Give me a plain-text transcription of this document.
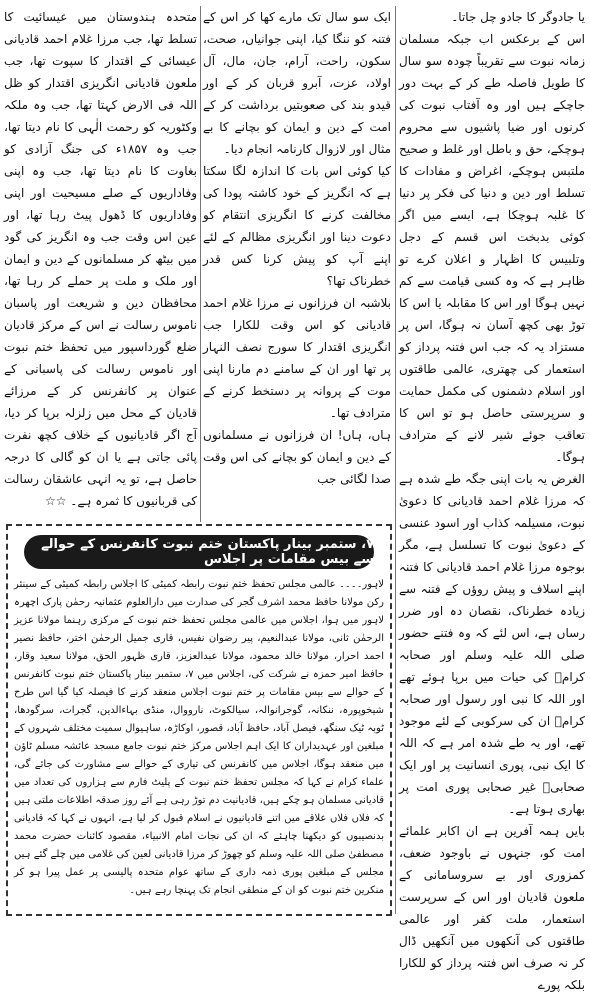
یا جادوگر کا جادو چل جاتا۔
اس کے برعکس اب جبکہ مسلمان زمانہ نبوت سے تقریباً چودہ سو سال کا طویل فاصلہ طے کر کے بہت دور جاچکے ہیں اور وہ آفتاب نبوت کی کرنوں اور ضیا پاشیوں سے محروم ہوچکے، حق و باطل اور غلط و صحیح ملتبس ہوچکے، اغراض و مفادات کا تسلط اور دین و دنیا کی فکر پر دنیا کا غلبہ ہوچکا ہے، ایسے میں اگر کوئی بدبخت اس قسم کے دجل وتلبیس کا اظہار و اعلان کرے تو ظاہر ہے کہ وہ کسی قیامت سے کم نہیں ہوگا اور اس کا مقابلہ یا اس کا توڑ بھی کچھ آسان نہ ہوگا، اس پر مستزاد یہ کہ جب اس فتنہ پرداز کو استعمار کی چھتری، عالمی طاقتوں اور اسلام دشمنوں کی مکمل حمایت و سرپرستی حاصل ہو تو اس کا تعاقب جوئے شیر لانے کے مترادف ہوگا۔
الغرض یہ بات اپنی جگہ طے شدہ ہے کہ مرزا غلام احمد قادیانی کا دعویٰ نبوت، مسیلمہ کذاب اور اسود عنسی کے دعویٰ نبوت کا تسلسل ہے، مگر بوجوہ مرزا غلام احمد قادیانی کا فتنہ اپنے اسلاف و پیش روؤں کے فتنہ سے زیادہ خطرناک، نقصان دہ اور ضرر رساں ہے، اس لئے کہ وہ فتنے حضور صلی اللہ علیہ وسلم اور صحابہ کرامؓ کی حیات میں برپا ہوئے تھے اور اللہ کا نبی اور رسول اور صحابہ کرامؓ ان کی سرکوبی کے لئے موجود تھے، اور یہ طے شدہ امر ہے کہ اللہ کا ایک نبی، پوری انسانیت پر اور ایک صحابیؓ غیر صحابی پوری امت پر بھاری ہوتا ہے۔
بایں ہمہ آفرین ہے ان اکابر علمائے امت کو، جنہوں نے باوجود ضعف، کمزوری اور بے سروسامانی کے ملعون قادیان اور اس کے سرپرست استعمار، ملت کفر اور عالمی طاقتوں کی آنکھوں میں آنکھیں ڈال کر نہ صرف اس فتنہ پرداز کو للکارا بلکہ پورے

ایک سو سال تک مارے کھا کر اس کے فتنہ کو ننگا کیا، اپنی جوانیاں، صحت، سکون، راحت، آرام، جان، مال، آل اولاد، عزت، آبرو قربان کر کے اور قیدو بند کی صعوبتیں برداشت کر کے امت کے دین و ایمان کو بچانے کا بے مثال اور لازوال کارنامہ انجام دیا۔
کیا کوئی اس بات کا اندازہ لگا سکتا ہے کہ انگریز کے خود کاشتہ پودا کی مخالفت کرنے کا انگریزی انتقام کو دعوت دینا اور انگریزی مظالم کے لئے اپنے آپ کو پیش کرنا کس قدر خطرناک تھا؟
بلاشبہ ان فرزانوں نے مرزا غلام احمد قادیانی کو اس وقت للکارا جب انگریزی اقتدار کا سورج نصف النہار پر تھا اور ان کے سامنے دم مارنا اپنی موت کے پروانہ پر دستخط کرنے کے مترادف تھا۔
ہاں، ہاں! ان فرزانوں نے مسلمانوں کے دین و ایمان کو بچانے کی اس وقت صدا لگائی جب

متحدہ ہندوستان میں عیسائیت کا تسلط تھا، جب مرزا غلام احمد قادیانی عیسائی کے اقتدار کا سپوت تھا، جب ملعون قادیانی انگریزی اقتدار کو ظل اللہ فی الارض کہتا تھا، جب وہ ملکہ وکٹوریہ کو رحمت الٰہی کا نام دیتا تھا، جب وہ ۱۸۵۷ء کی جنگ آزادی کو بغاوت کا نام دیتا تھا، جب وہ اپنی وفاداریوں کے صلے مسیحیت اور اپنی وفاداریوں کا ڈھول پیٹ رہا تھا، اور عین اس وقت جب وہ انگریز کی گود میں بیٹھ کر مسلمانوں کے دین و ایمان اور ملک و ملت پر حملے کر رہا تھا، محافظان دین و شریعت اور پاسبان ناموس رسالت نے اس کے مرکز قادیان ضلع گورداسپور میں تحفظ ختم نبوت اور ناموس رسالت کی پاسبانی کے عنوان پر کانفرنس کر کے مرزائے قادیان کے محل میں زلزلہ برپا کر دیا، آج اگر قادیانیوں کے خلاف کچھ نفرت پائی جاتی ہے یا ان کو گالی کا درجہ حاصل ہے، تو یہ انہی عاشقان رسالت کی قربانیوں کا ثمرہ ہے۔ ☆☆

۷، ستمبر بینار پاکستان ختم نبوت کانفرنس کے حوالے سے بیس مقامات پر اجلاس

لاہور۔۔۔۔ عالمی مجلس تحفظ ختم نبوت رابطہ کمیٹی کا اجلاس رابطہ کمیٹی کے سینئر رکن مولانا حافظ محمد اشرف گجر کی صدارت میں دارالعلوم عثمانیہ رحمٰن پارک اچھرہ لاہور میں ہوا، اجلاس میں عالمی مجلس تحفظ ختم نبوت کے مرکزی رہنما مولانا عزیز الرحمٰن ثانی، مولانا عبدالنعیم، پیر رضوان نفیس، قاری جمیل الرحمٰن اختر، حافظ نصیر احمد احرار، مولانا خالد محمود، مولانا عبدالعزیز، قاری ظہور الحق، مولانا سعید وقار، حافظ امیر حمزہ نے شرکت کی، اجلاس میں ۷، ستمبر بینار پاکستان ختم نبوت کانفرنس کے حوالے سے بیس مقامات پر ختم نبوت اجلاس منعقد کرنے کا فیصلہ کیا گیا اس طرح شیخوپورہ، ننکانہ، گوجرانوالہ، سیالکوٹ، نارووال، منڈی بہاءالدین، گجرات، سرگودھا، ٹوبہ ٹیک سنگھ، فیصل آباد، حافظ آباد، قصور، اوکاڑہ، ساہیوال سمیت مختلف شہروں کے مبلغین اور عہدیداران کا ایک اہم اجلاس مرکز ختم نبوت جامع مسجد عائشہ مسلم ٹاؤن میں منعقد ہوگا، اجلاس میں کانفرنس کی تیاری کے حوالے سے مشاورت کی جائے گی، علماء کرام نے کہا کہ مجلس تحفظ ختم نبوت کے پلیٹ فارم سے ہزاروں کی تعداد میں قادیانی مسلمان ہو چکے ہیں، قادیانیت دم توڑ رہی ہے آئے روز صدقہ اطلاعات ملتی ہیں کہ فلاں فلاں علاقے میں اتنے قادیانیوں نے اسلام قبول کر لیا ہے، انہوں نے کہا کہ قادیانی بدنصیبوں کو دیکھنا چاہئے کہ ان کی نجات امام الانبیاء، مقصود کائنات حضرت محمد مصطفیٰ صلی اللہ علیہ وسلم کو چھوڑ کر مرزا قادیانی لعین کی غلامی میں چلے گئے ہیں مجلس کے مبلغین پوری ذمہ داری کے ساتھ عوام متحدہ پالیسی پر عمل پیرا ہو کر منکرین ختم نبوت کو ان کے منطقی انجام تک پہنچا رہے ہیں۔
